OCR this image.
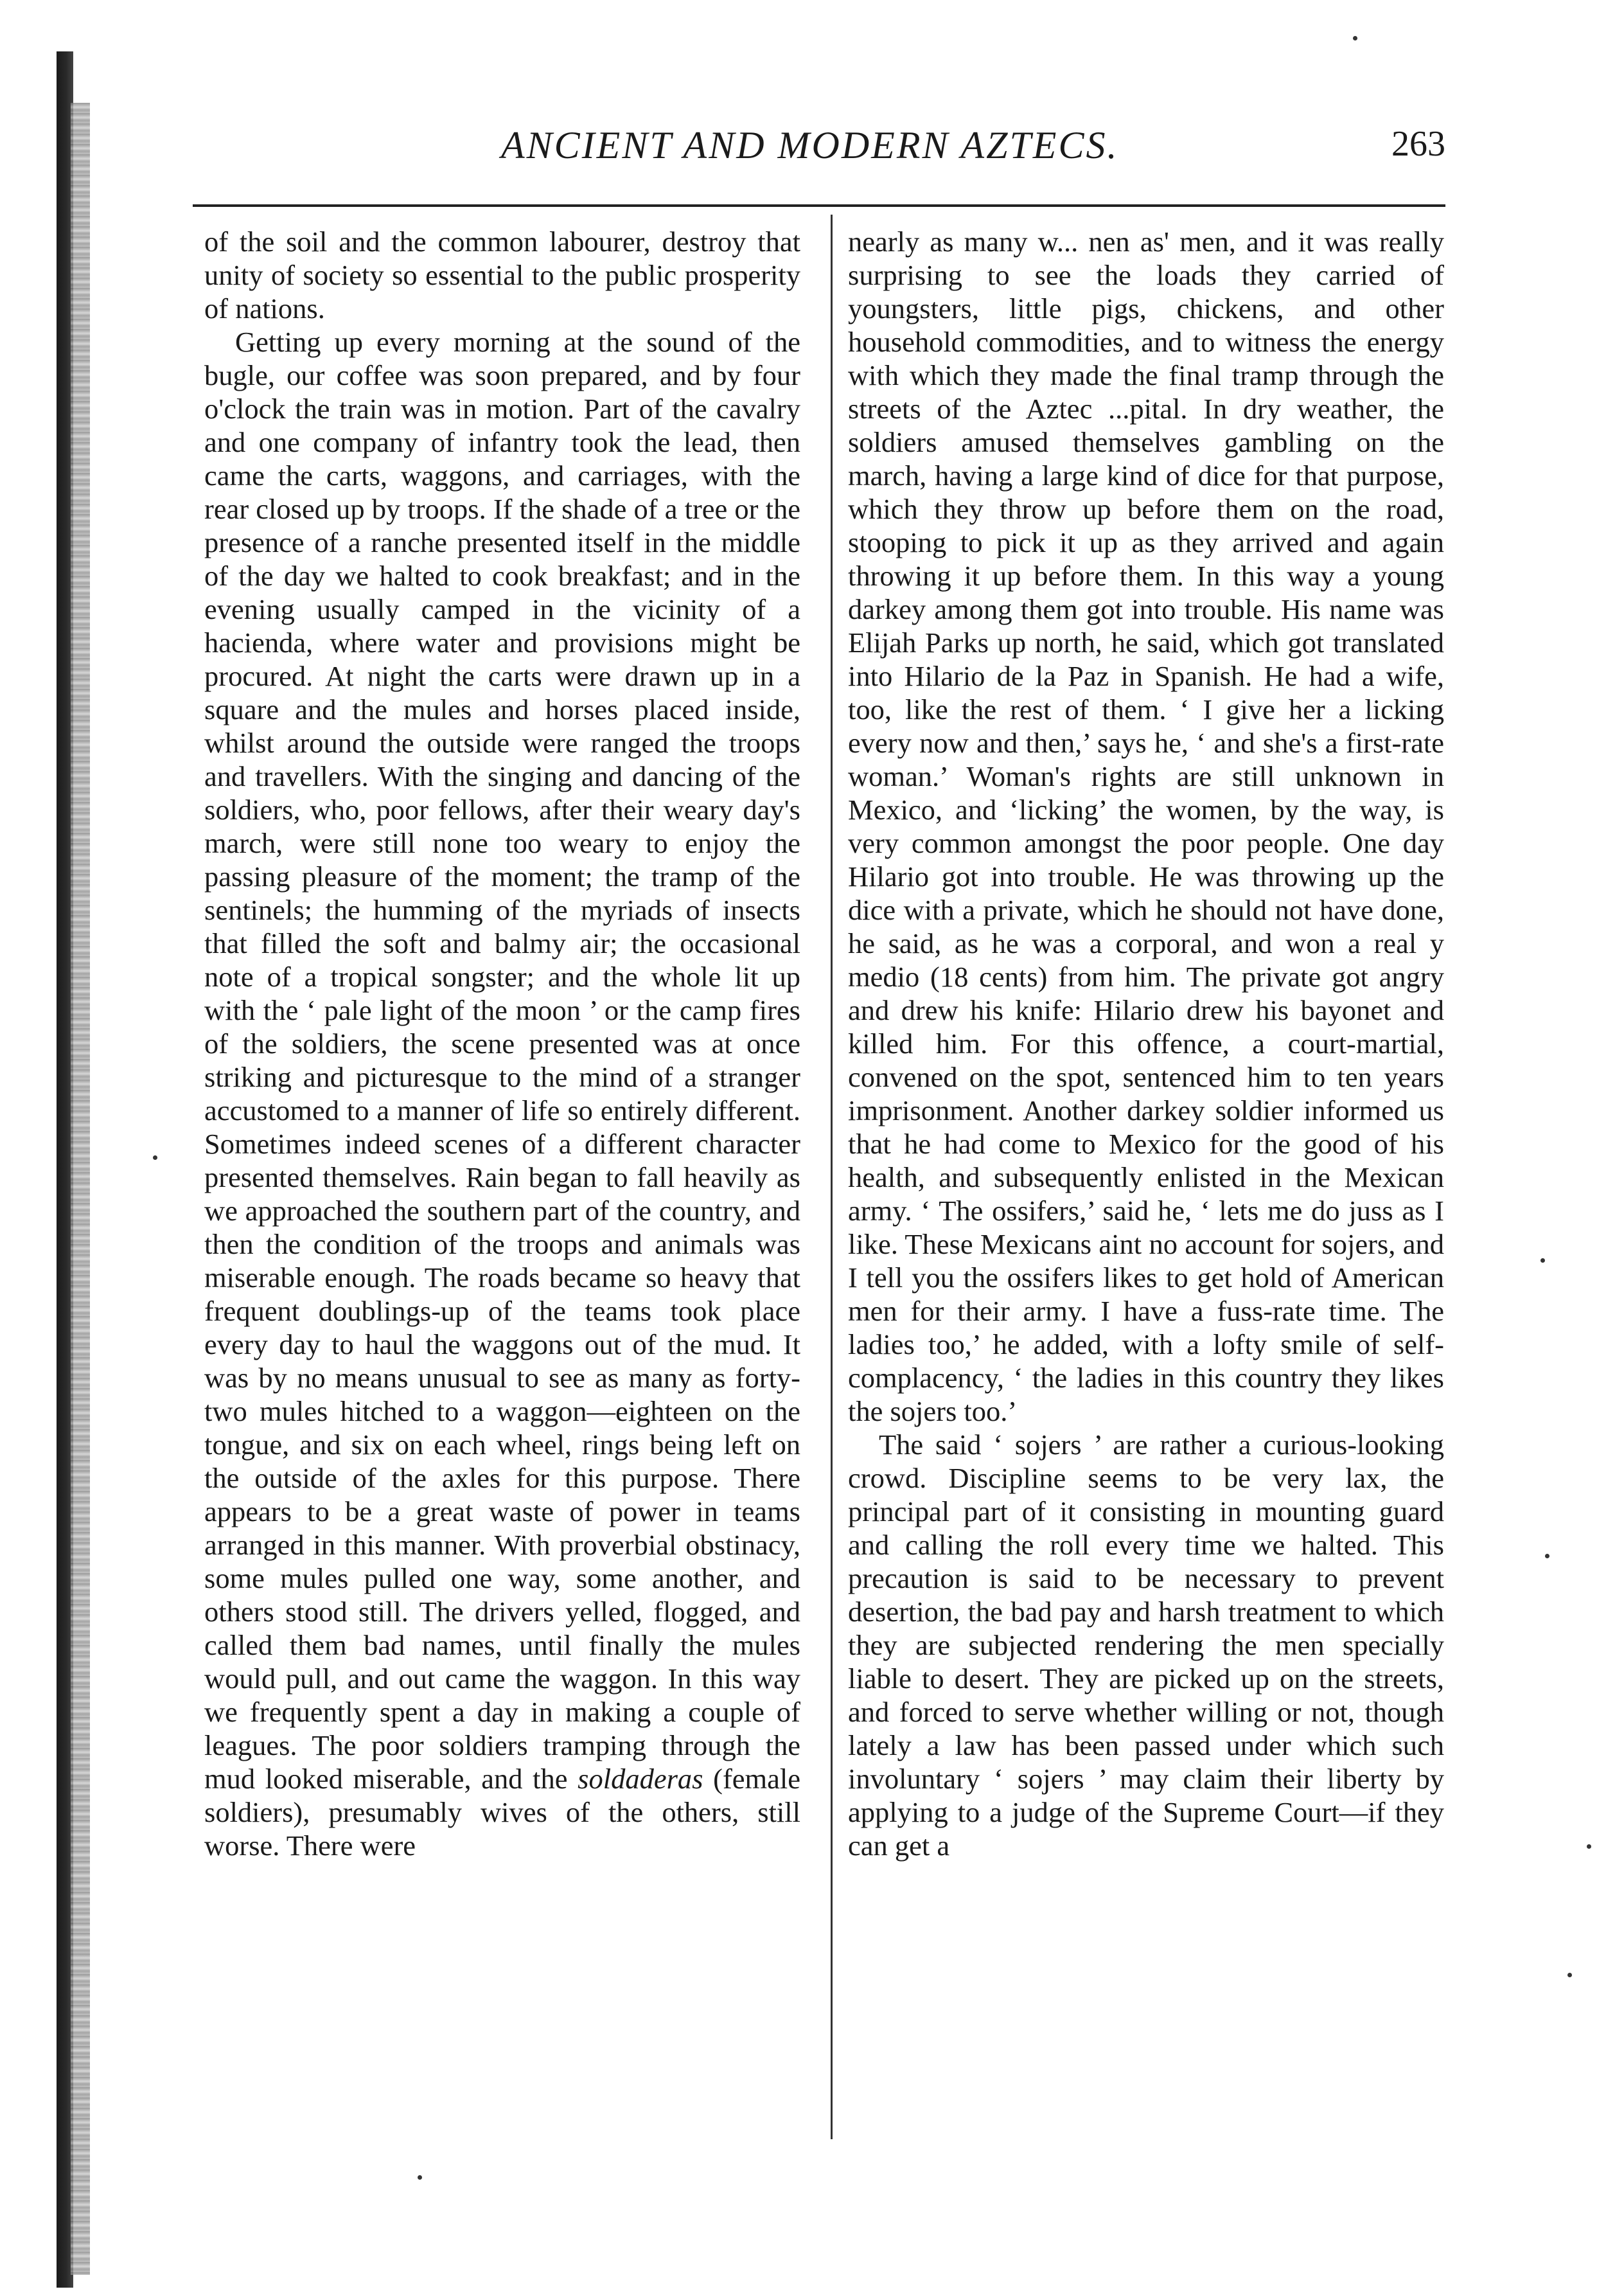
ANCIENT AND MODERN AZTECS.	263

of the soil and the common labourer, destroy that unity of society so essential to the public prosperity of nations.

Getting up every morning at the sound of the bugle, our coffee was soon prepared, and by four o'clock the train was in motion. Part of the cavalry and one company of infantry took the lead, then came the carts, waggons, and carriages, with the rear closed up by troops. If the shade of a tree or the presence of a ranche presented itself in the middle of the day we halted to cook breakfast; and in the evening usually camped in the vicinity of a hacienda, where water and provisions might be procured. At night the carts were drawn up in a square and the mules and horses placed inside, whilst around the outside were ranged the troops and travellers. With the singing and dancing of the soldiers, who, poor fellows, after their weary day's march, were still none too weary to enjoy the passing pleasure of the moment; the tramp of the sentinels; the humming of the myriads of insects that filled the soft and balmy air; the occasional note of a tropical songster; and the whole lit up with the ‘ pale light of the moon ’ or the camp fires of the soldiers, the scene presented was at once striking and picturesque to the mind of a stranger accustomed to a manner of life so entirely different. Sometimes indeed scenes of a different character presented themselves. Rain began to fall heavily as we approached the southern part of the country, and then the condition of the troops and animals was miserable enough. The roads became so heavy that frequent doublings-up of the teams took place every day to haul the waggons out of the mud. It was by no means unusual to see as many as forty-two mules hitched to a waggon—eighteen on the tongue, and six on each wheel, rings being left on the outside of the axles for this purpose. There appears to be a great waste of power in teams arranged in this manner. With proverbial obstinacy, some mules pulled one way, some another, and others stood still. The drivers yelled, flogged, and called them bad names, until finally the mules would pull, and out came the waggon. In this way we frequently spent a day in making a couple of leagues. The poor soldiers tramping through the mud looked miserable, and the soldaderas (female soldiers), presumably wives of the others, still worse. There were

nearly as many w... nen as' men, and it was really surprising to see the loads they carried of youngsters, little pigs, chickens, and other household commodities, and to witness the energy with which they made the final tramp through the streets of the Aztec ...pital. In dry weather, the soldiers amused themselves gambling on the march, having a large kind of dice for that purpose, which they throw up before them on the road, stooping to pick it up as they arrived and again throwing it up before them. In this way a young darkey among them got into trouble. His name was Elijah Parks up north, he said, which got translated into Hilario de la Paz in Spanish. He had a wife, too, like the rest of them. ‘ I give her a licking every now and then,’ says he, ‘ and she's a first-rate woman.’ Woman's rights are still unknown in Mexico, and ‘licking’ the women, by the way, is very common amongst the poor people. One day Hilario got into trouble. He was throwing up the dice with a private, which he should not have done, he said, as he was a corporal, and won a real y medio (18 cents) from him. The private got angry and drew his knife: Hilario drew his bayonet and killed him. For this offence, a court-martial, convened on the spot, sentenced him to ten years imprisonment. Another darkey soldier informed us that he had come to Mexico for the good of his health, and subsequently enlisted in the Mexican army. ‘ The ossifers,’ said he, ‘ lets me do juss as I like. These Mexicans aint no account for sojers, and I tell you the ossifers likes to get hold of American men for their army. I have a fuss-rate time. The ladies too,’ he added, with a lofty smile of self-complacency, ‘ the ladies in this country they likes the sojers too.’

The said ‘ sojers ’ are rather a curious-looking crowd. Discipline seems to be very lax, the principal part of it consisting in mounting guard and calling the roll every time we halted. This precaution is said to be necessary to prevent desertion, the bad pay and harsh treatment to which they are subjected rendering the men specially liable to desert. They are picked up on the streets, and forced to serve whether willing or not, though lately a law has been passed under which such involuntary ‘ sojers ’ may claim their liberty by applying to a judge of the Supreme Court—if they can get a
